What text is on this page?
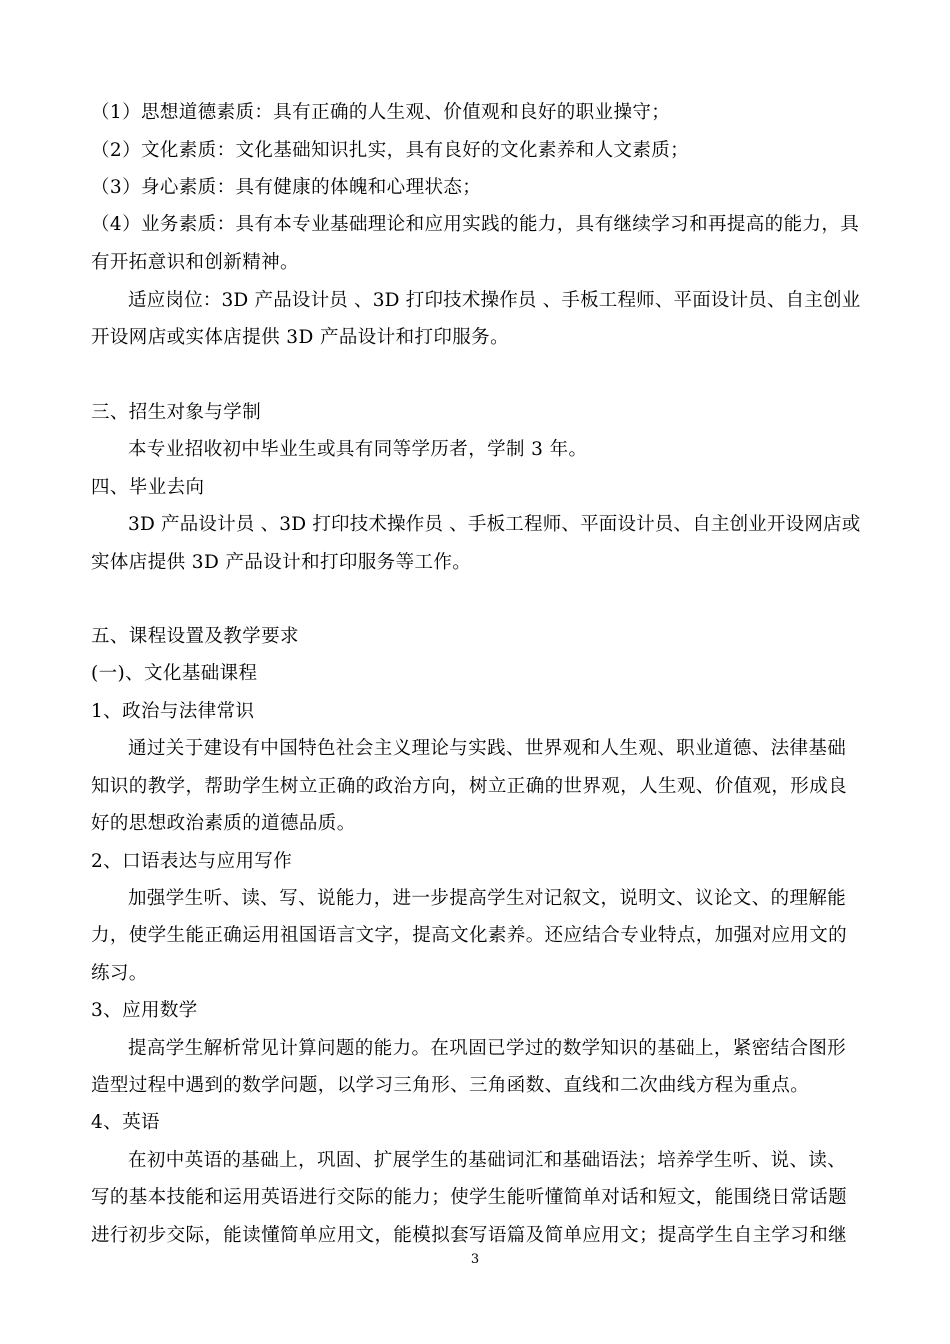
（1）思想道德素质：具有正确的人生观、价值观和良好的职业操守；
（2）文化素质：文化基础知识扎实，具有良好的文化素养和人文素质；
（3）身心素质：具有健康的体魄和心理状态；
（4）业务素质：具有本专业基础理论和应用实践的能力，具有继续学习和再提高的能力，具
有开拓意识和创新精神。
适应岗位：3D 产品设计员 、3D 打印技术操作员 、手板工程师、平面设计员、自主创业
开设网店或实体店提供 3D 产品设计和打印服务。
三、招生对象与学制
本专业招收初中毕业生或具有同等学历者，学制 3 年。
四、毕业去向
3D 产品设计员 、3D 打印技术操作员 、手板工程师、平面设计员、自主创业开设网店或
实体店提供 3D 产品设计和打印服务等工作。
五、课程设置及教学要求
(一)、文化基础课程
1、政治与法律常识
通过关于建设有中国特色社会主义理论与实践、世界观和人生观、职业道德、法律基础
知识的教学，帮助学生树立正确的政治方向，树立正确的世界观，人生观、价值观，形成良
好的思想政治素质的道德品质。
2、口语表达与应用写作
加强学生听、读、写、说能力，进一步提高学生对记叙文，说明文、议论文、的理解能
力，使学生能正确运用祖国语言文字，提高文化素养。还应结合专业特点，加强对应用文的
练习。
3、应用数学
提高学生解析常见计算问题的能力。在巩固已学过的数学知识的基础上，紧密结合图形
造型过程中遇到的数学问题，以学习三角形、三角函数、直线和二次曲线方程为重点。
4、英语
在初中英语的基础上，巩固、扩展学生的基础词汇和基础语法；培养学生听、说、读、
写的基本技能和运用英语进行交际的能力；使学生能听懂简单对话和短文，能围绕日常话题
进行初步交际，能读懂简单应用文，能模拟套写语篇及简单应用文；提高学生自主学习和继
3
